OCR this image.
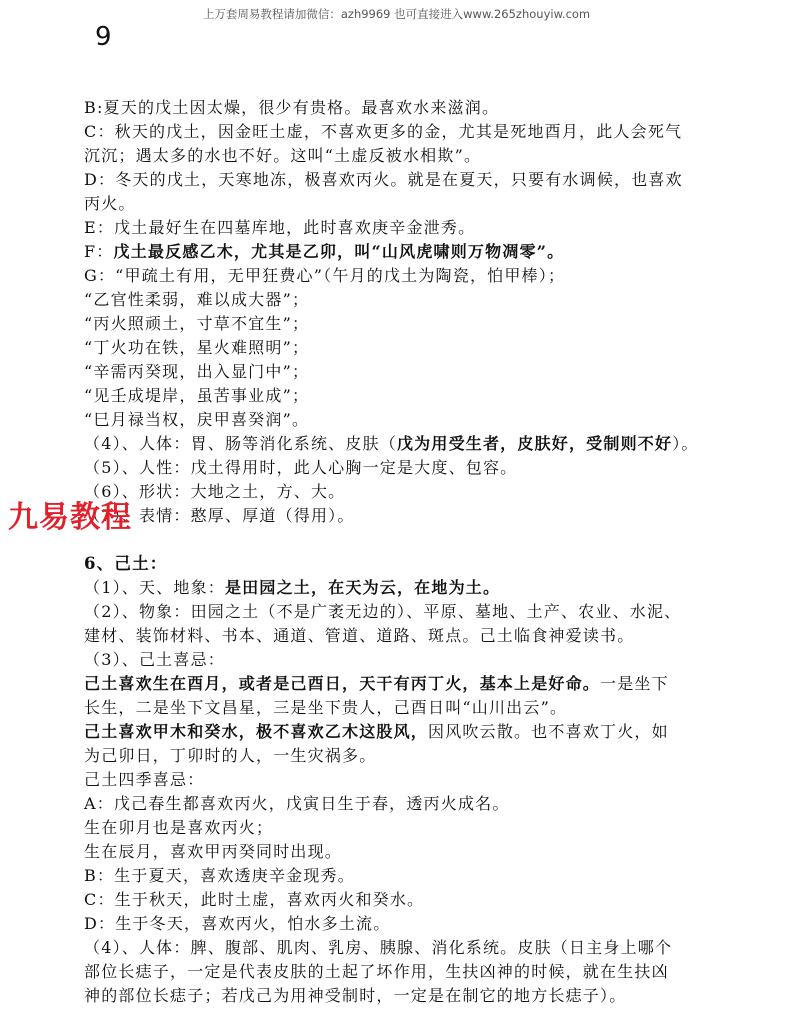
上万套周易教程请加微信：azh9969 也可直接进入www.265zhouyiw.com
9
B:夏天的戊土因太燥，很少有贵格。最喜欢水来滋润。
C：秋天的戊土，因金旺土虚，不喜欢更多的金，尤其是死地酉月，此人会死气
沉沉；遇太多的水也不好。这叫“土虚反被水相欺”。
D：冬天的戊土，天寒地冻，极喜欢丙火。就是在夏天，只要有水调候，也喜欢
丙火。
E：戊土最好生在四墓库地，此时喜欢庚辛金泄秀。
F：戊土最反感乙木，尤其是乙卯，叫“山风虎啸则万物凋零”。
G：“甲疏土有用，无甲狂费心”（午月的戊土为陶瓷，怕甲棒）；
“乙官性柔弱，难以成大器”；
“丙火照顽土，寸草不宜生”；
“丁火功在铁，星火难照明”；
“辛需丙癸现，出入显门中”；
“见壬成堤岸，虽苦事业成”；
“巳月禄当权，戻甲喜癸润”。
（4）、人体：胃、肠等消化系统、皮肤（戊为用受生者，皮肤好，受制则不好）。
（5）、人性：戊土得用时，此人心胸一定是大度、包容。
（6）、形状：大地之土，方、大。
（7）、表情：憨厚、厚道（得用）。
6、己土：
（1）、天、地象：是田园之土，在天为云，在地为土。
（2）、物象：田园之土（不是广袤无边的）、平原、墓地、土产、农业、水泥、
建材、装饰材料、书本、通道、管道、道路、斑点。己土临食神爱读书。
（3）、己土喜忌：
己土喜欢生在酉月，或者是己酉日，天干有丙丁火，基本上是好命。一是坐下
长生，二是坐下文昌星，三是坐下贵人，己酉日叫“山川出云”。
己土喜欢甲木和癸水，极不喜欢乙木这股风，因风吹云散。也不喜欢丁火，如
为己卯日，丁卯时的人，一生灾祸多。
己土四季喜忌：
A：戊己春生都喜欢丙火，戊寅日生于春，透丙火成名。
生在卯月也是喜欢丙火；
生在辰月，喜欢甲丙癸同时出现。
B：生于夏天，喜欢透庚辛金现秀。
C：生于秋天，此时土虚，喜欢丙火和癸水。
D：生于冬天，喜欢丙火，怕水多土流。
（4）、人体：脾、腹部、肌肉、乳房、胰腺、消化系统。皮肤（日主身上哪个
部位长痣子，一定是代表皮肤的土起了坏作用，生扶凶神的时候，就在生扶凶
神的部位长痣子；若戊己为用神受制时，一定是在制它的地方长痣子）。
九易教程
